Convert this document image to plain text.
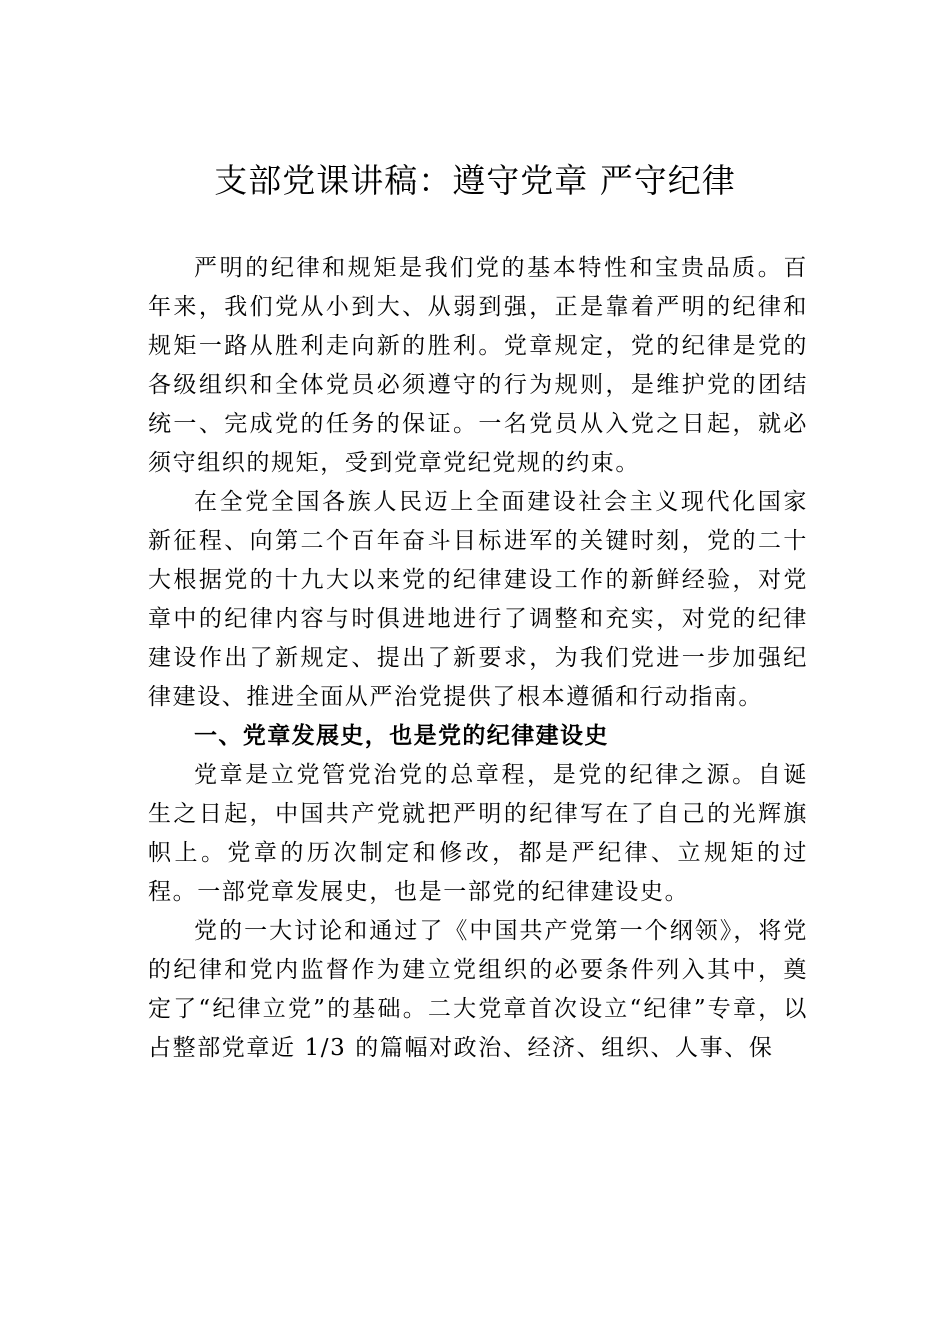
支部党课讲稿：遵守党章 严守纪律

严明的纪律和规矩是我们党的基本特性和宝贵品质。百年来，我们党从小到大、从弱到强，正是靠着严明的纪律和规矩一路从胜利走向新的胜利。党章规定，党的纪律是党的各级组织和全体党员必须遵守的行为规则，是维护党的团结统一、完成党的任务的保证。一名党员从入党之日起，就必须守组织的规矩，受到党章党纪党规的约束。

在全党全国各族人民迈上全面建设社会主义现代化国家新征程、向第二个百年奋斗目标进军的关键时刻，党的二十大根据党的十九大以来党的纪律建设工作的新鲜经验，对党章中的纪律内容与时俱进地进行了调整和充实，对党的纪律建设作出了新规定、提出了新要求，为我们党进一步加强纪律建设、推进全面从严治党提供了根本遵循和行动指南。

一、党章发展史，也是党的纪律建设史

党章是立党管党治党的总章程，是党的纪律之源。自诞生之日起，中国共产党就把严明的纪律写在了自己的光辉旗帜上。党章的历次制定和修改，都是严纪律、立规矩的过程。一部党章发展史，也是一部党的纪律建设史。

党的一大讨论和通过了《中国共产党第一个纲领》，将党的纪律和党内监督作为建立党组织的必要条件列入其中，奠定了“纪律立党”的基础。二大党章首次设立“纪律”专章，以占整部党章近 1/3 的篇幅对政治、经济、组织、人事、保
